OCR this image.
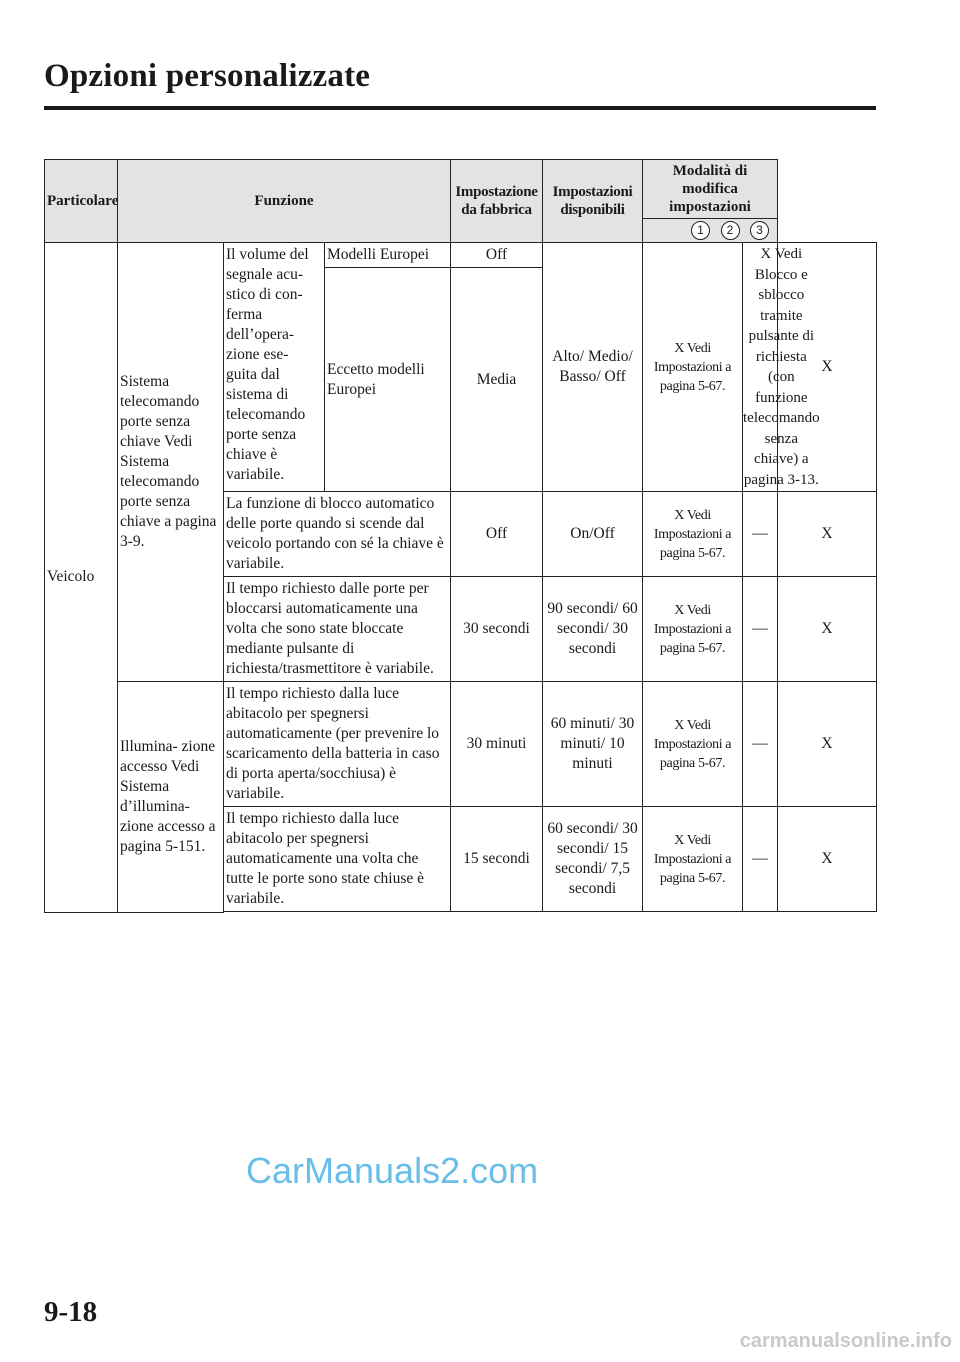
Opzioni personalizzate
Particolare	Funzione			Impostazione da fabbrica	Impostazioni disponibili	Modalità di modifica impostazioni		

						1 2 3		

Veicolo	Sistema telecomando porte senza chiave Vedi Sistema telecomando porte senza chiave a pagina 3-9.	Il volume del segnale acu- stico di con- ferma dell’opera- zione ese- guita dal sistema di telecomando porte senza chiave è variabile.	Modelli Europei	Off	Alto/ Medio/ Basso/ Off	X Vedi Impostazioni a pagina 5-67.	X Vedi Blocco e sblocco tramite pulsante di richiesta (con funzione telecomando senza chiave) a pagina 3-13.	X
			Eccetto modelli Europei	Media				
		La funzione di blocco automatico delle porte quando si scende dal veicolo portando con sé la chiave è variabile.		Off	On/Off	X Vedi Impostazioni a pagina 5-67.	—	X
		Il tempo richiesto dalle porte per bloccarsi automaticamente una volta che sono state bloccate mediante pulsante di richiesta/trasmettitore è variabile.		30 secondi	90 secondi/ 60 secondi/ 30 secondi	X Vedi Impostazioni a pagina 5-67.	—	X
	Illumina- zione accesso Vedi Sistema d’illumina- zione accesso a pagina 5-151.	Il tempo richiesto dalla luce abitacolo per spegnersi automaticamente (per prevenire lo scaricamento della batteria in caso di porta aperta/socchiusa) è variabile.		30 minuti	60 minuti/ 30 minuti/ 10 minuti	X Vedi Impostazioni a pagina 5-67.	—	X
		Il tempo richiesto dalla luce abitacolo per spegnersi automaticamente una volta che tutte le porte sono state chiuse è variabile.		15 secondi	60 secondi/ 30 secondi/ 15 secondi/ 7,5 secondi	X Vedi Impostazioni a pagina 5-67.	—	X

CarManuals2.com
9-18
carmanualsonline.info
